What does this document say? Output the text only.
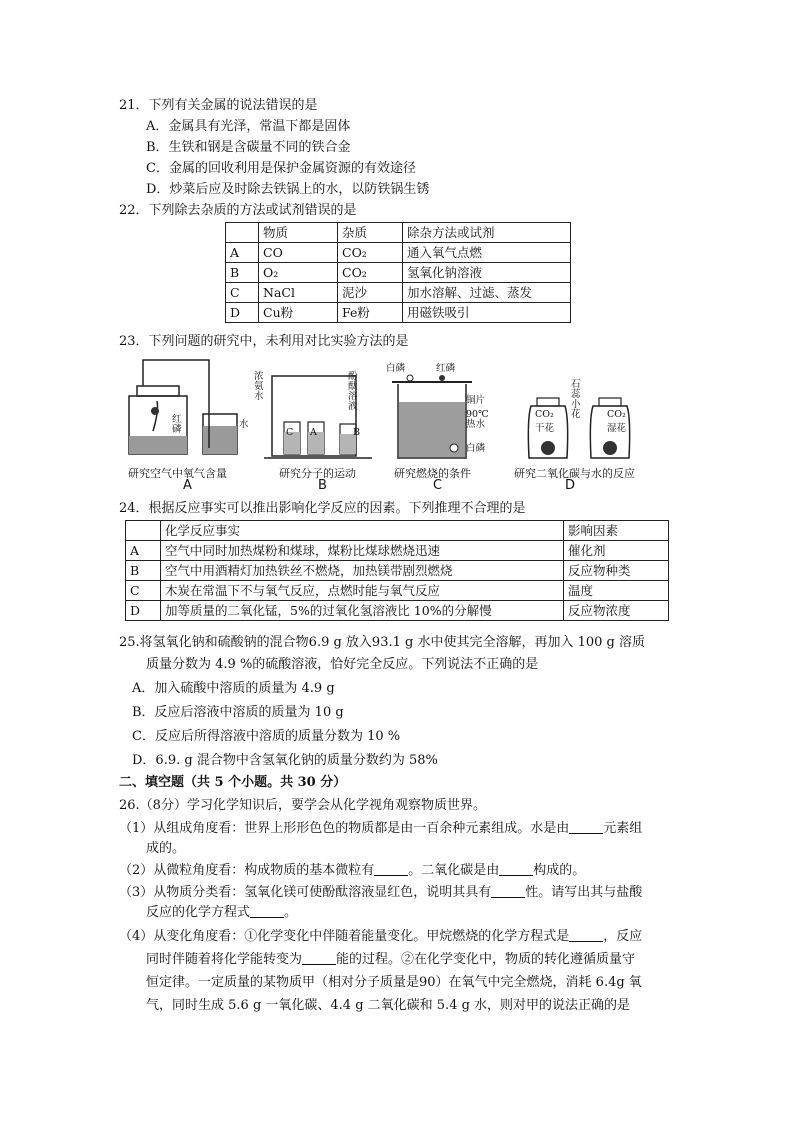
21．下列有关金属的说法错误的是
A．金属具有光泽，常温下都是固体
B．生铁和钢是含碳量不同的铁合金
C．金属的回收利用是保护金属资源的有效途径
D．炒菜后应及时除去铁锅上的水，以防铁锅生锈
22．下列除去杂质的方法或试剂错误的是
	物质	杂质	除杂方法或试剂
A	CO	CO₂	通入氧气点燃
B	O₂	CO₂	氢氧化钠溶液
C	NaCl	泥沙	加水溶解、过滤、蒸发
D	Cu粉	Fe粉	用磁铁吸引
23．下列问题的研究中，未利用对比实验方法的是
红磷	水
研究空气中氧气含量
A
浓氨水
酚酞溶液
C A	B
研究分子的运动
B
白磷	红磷
铜片
90℃热水
白磷
研究燃烧的条件
C
石蕊小花
CO₂
干花
CO₂
湿花
研究二氧化碳与水的反应
D
24．根据反应事实可以推出影响化学反应的因素。下列推理不合理的是
	化学反应事实	影响因素
A	空气中同时加热煤粉和煤球，煤粉比煤球燃烧迅速	催化剂
B	空气中用酒精灯加热铁丝不燃烧，加热镁带剧烈燃烧	反应物种类
C	木炭在常温下不与氧气反应，点燃时能与氧气反应	温度
D	加等质量的二氧化锰，5%的过氧化氢溶液比 10%的分解慢	反应物浓度
25.将氢氧化钠和硫酸钠的混合物6.9 g 放入93.1 g 水中使其完全溶解，再加入 100 g 溶质
质量分数为 4.9 %的硫酸溶液，恰好完全反应。下列说法不正确的是
A．加入硫酸中溶质的质量为 4.9 g
B．反应后溶液中溶质的质量为 10 g
C．反应后所得溶液中溶质的质量分数为 10 %
D．6.9. g 混合物中含氢氧化钠的质量分数约为 58%
二、填空题（共 5 个小题。共 30 分）
26.（8分）学习化学知识后，要学会从化学视角观察物质世界。
（1）从组成角度看：世界上形形色色的物质都是由一百余种元素组成。水是由	元素组
成的。
（2）从微粒角度看：构成物质的基本微粒有	。二氧化碳是由	构成的。
（3）从物质分类看：氢氧化镁可使酚酞溶液显红色，说明其具有	性。请写出其与盐酸
反应的化学方程式	。
（4）从变化角度看：①化学变化中伴随着能量变化。甲烷燃烧的化学方程式是	，反应
同时伴随着将化学能转变为	能的过程。②在化学变化中，物质的转化遵循质量守
恒定律。一定质量的某物质甲（相对分子质量是90）在氧气中完全燃烧，消耗 6.4g 氧
气，同时生成 5.6 g 一氧化碳、4.4 g 二氧化碳和 5.4 g 水，则对甲的说法正确的是
